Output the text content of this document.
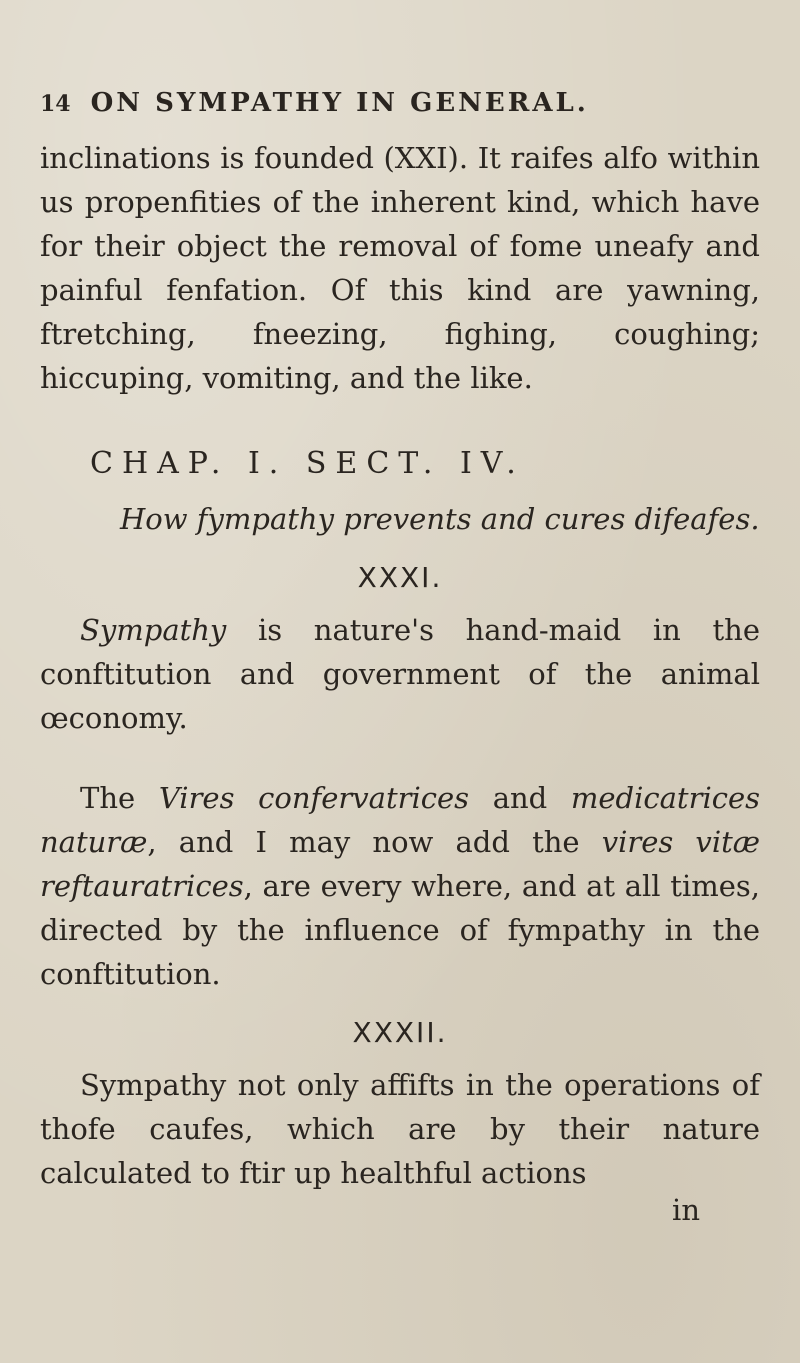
14 ON SYMPATHY IN GENERAL.

inclinations is founded (XXI). It raifes alfo within us propenfities of the inherent kind, which have for their object the removal of fome uneafy and painful fenfation. Of this kind are yawning, ftretching, fneezing, fighing, coughing; hiccuping, vomiting, and the like.

CHAP. I. SECT. IV.
How fympathy prevents and cures difeafes.
XXXI.

Sympathy is nature's hand-maid in the conftitution and government of the animal œconomy.

The Vires confervatrices and medicatrices naturæ, and I may now add the vires vitæ reftauratrices, are every where, and at all times, directed by the influence of fympathy in the conftitution.

XXXII.

Sympathy not only affifts in the operations of thofe caufes, which are by their nature calculated to ftir up healthful actions

in
